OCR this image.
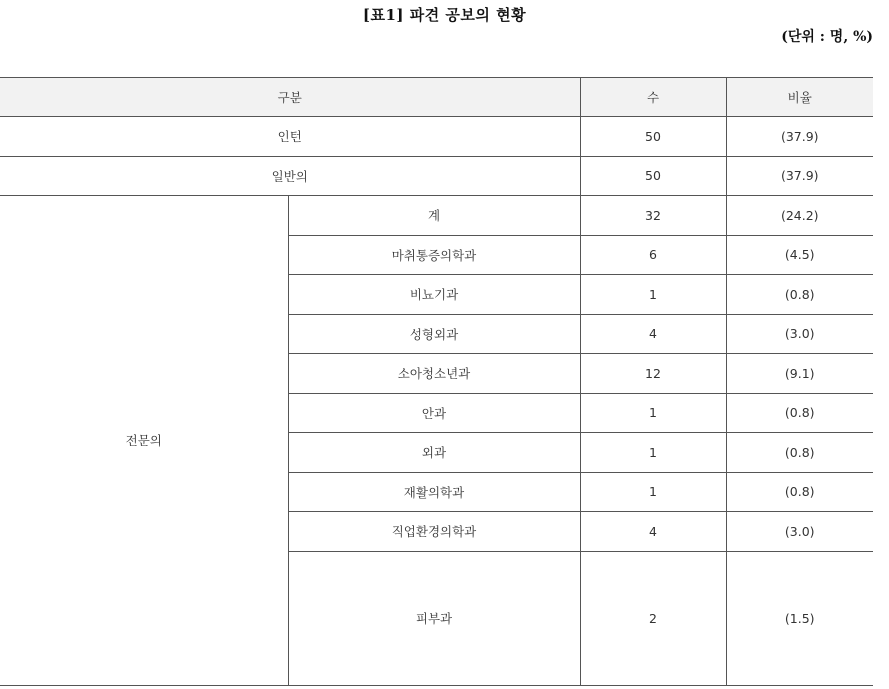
[표1] 파견 공보의 현황
(단위 : 명, %)
구분		수	비율
인턴		50	(37.9)
일반의		50	(37.9)
전문의	계	32	(24.2)
	마취통증의학과	6	(4.5)
	비뇨기과	1	(0.8)
	성형외과	4	(3.0)
	소아청소년과	12	(9.1)
	안과	1	(0.8)
	외과	1	(0.8)
	재활의학과	1	(0.8)
	직업환경의학과	4	(3.0)
	피부과	2	(1.5)
